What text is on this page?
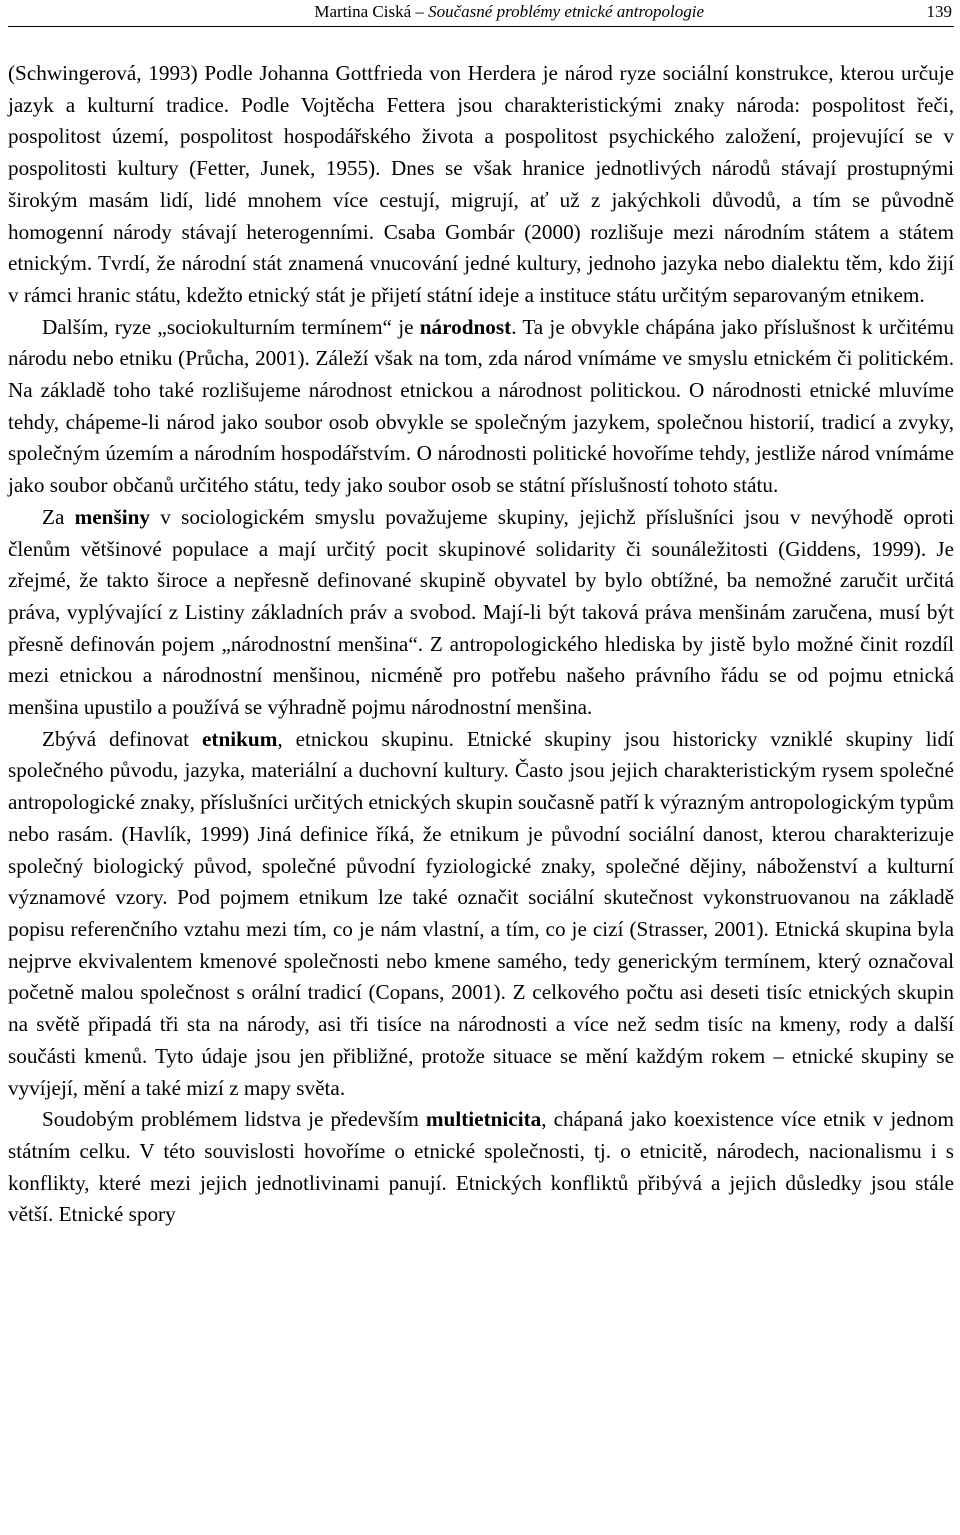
Martina Ciská – Současné problémy etnické antropologie	139

(Schwingerová, 1993) Podle Johanna Gottfrieda von Herdera je národ ryze sociální konstrukce, kterou určuje jazyk a kulturní tradice. Podle Vojtěcha Fettera jsou charakteristickými znaky národa: pospolitost řeči, pospolitost území, pospolitost hospodářského života a pospolitost psychického založení, projevující se v pospolitosti kultury (Fetter, Junek, 1955). Dnes se však hranice jednotlivých národů stávají prostupnými širokým masám lidí, lidé mnohem více cestují, migrují, ať už z jakýchkoli důvodů, a tím se původně homogenní národy stávají heterogenními. Csaba Gombár (2000) rozlišuje mezi národním státem a státem etnickým. Tvrdí, že národní stát znamená vnucování jedné kultury, jednoho jazyka nebo dialektu těm, kdo žijí v rámci hranic státu, kdežto etnický stát je přijetí státní ideje a instituce státu určitým separovaným etnikem.

Dalším, ryze „sociokulturním termínem“ je národnost. Ta je obvykle chápána jako příslušnost k určitému národu nebo etniku (Průcha, 2001). Záleží však na tom, zda národ vnímáme ve smyslu etnickém či politickém. Na základě toho také rozlišujeme národnost etnickou a národnost politickou. O národnosti etnické mluvíme tehdy, chápeme-li národ jako soubor osob obvykle se společným jazykem, společnou historií, tradicí a zvyky, společným územím a národním hospodářstvím. O národnosti politické hovoříme tehdy, jestliže národ vnímáme jako soubor občanů určitého státu, tedy jako soubor osob se státní příslušností tohoto státu.

Za menšiny v sociologickém smyslu považujeme skupiny, jejichž příslušníci jsou v nevýhodě oproti členům většinové populace a mají určitý pocit skupinové solidarity či sounáležitosti (Giddens, 1999). Je zřejmé, že takto široce a nepřesně definované skupině obyvatel by bylo obtížné, ba nemožné zaručit určitá práva, vyplývající z Listiny základních práv a svobod. Mají-li být taková práva menšinám zaručena, musí být přesně definován pojem „národnostní menšina“. Z antropologického hlediska by jistě bylo možné činit rozdíl mezi etnickou a národnostní menšinou, nicméně pro potřebu našeho právního řádu se od pojmu etnická menšina upustilo a používá se výhradně pojmu národnostní menšina.

Zbývá definovat etnikum, etnickou skupinu. Etnické skupiny jsou historicky vzniklé skupiny lidí společného původu, jazyka, materiální a duchovní kultury. Často jsou jejich charakteristickým rysem společné antropologické znaky, příslušníci určitých etnických skupin současně patří k výrazným antropologickým typům nebo rasám. (Havlík, 1999) Jiná definice říká, že etnikum je původní sociální danost, kterou charakterizuje společný biologický původ, společné původní fyziologické znaky, společné dějiny, náboženství a kulturní významové vzory. Pod pojmem etnikum lze také označit sociální skutečnost vykonstruovanou na základě popisu referenčního vztahu mezi tím, co je nám vlastní, a tím, co je cizí (Strasser, 2001). Etnická skupina byla nejprve ekvivalentem kmenové společnosti nebo kmene samého, tedy generickým termínem, který označoval početně malou společnost s orální tradicí (Copans, 2001). Z celkového počtu asi deseti tisíc etnických skupin na světě připadá tři sta na národy, asi tři tisíce na národnosti a více než sedm tisíc na kmeny, rody a další součásti kmenů. Tyto údaje jsou jen přibližné, protože situace se mění každým rokem – etnické skupiny se vyvíjejí, mění a také mizí z mapy světa.

Soudobým problémem lidstva je především multietnicita, chápaná jako koexistence více etnik v jednom státním celku. V této souvislosti hovoříme o etnické společnosti, tj. o etnicitě, národech, nacionalismu i s konflikty, které mezi jejich jednotlivinami panují. Etnických konfliktů přibývá a jejich důsledky jsou stále větší. Etnické spory
